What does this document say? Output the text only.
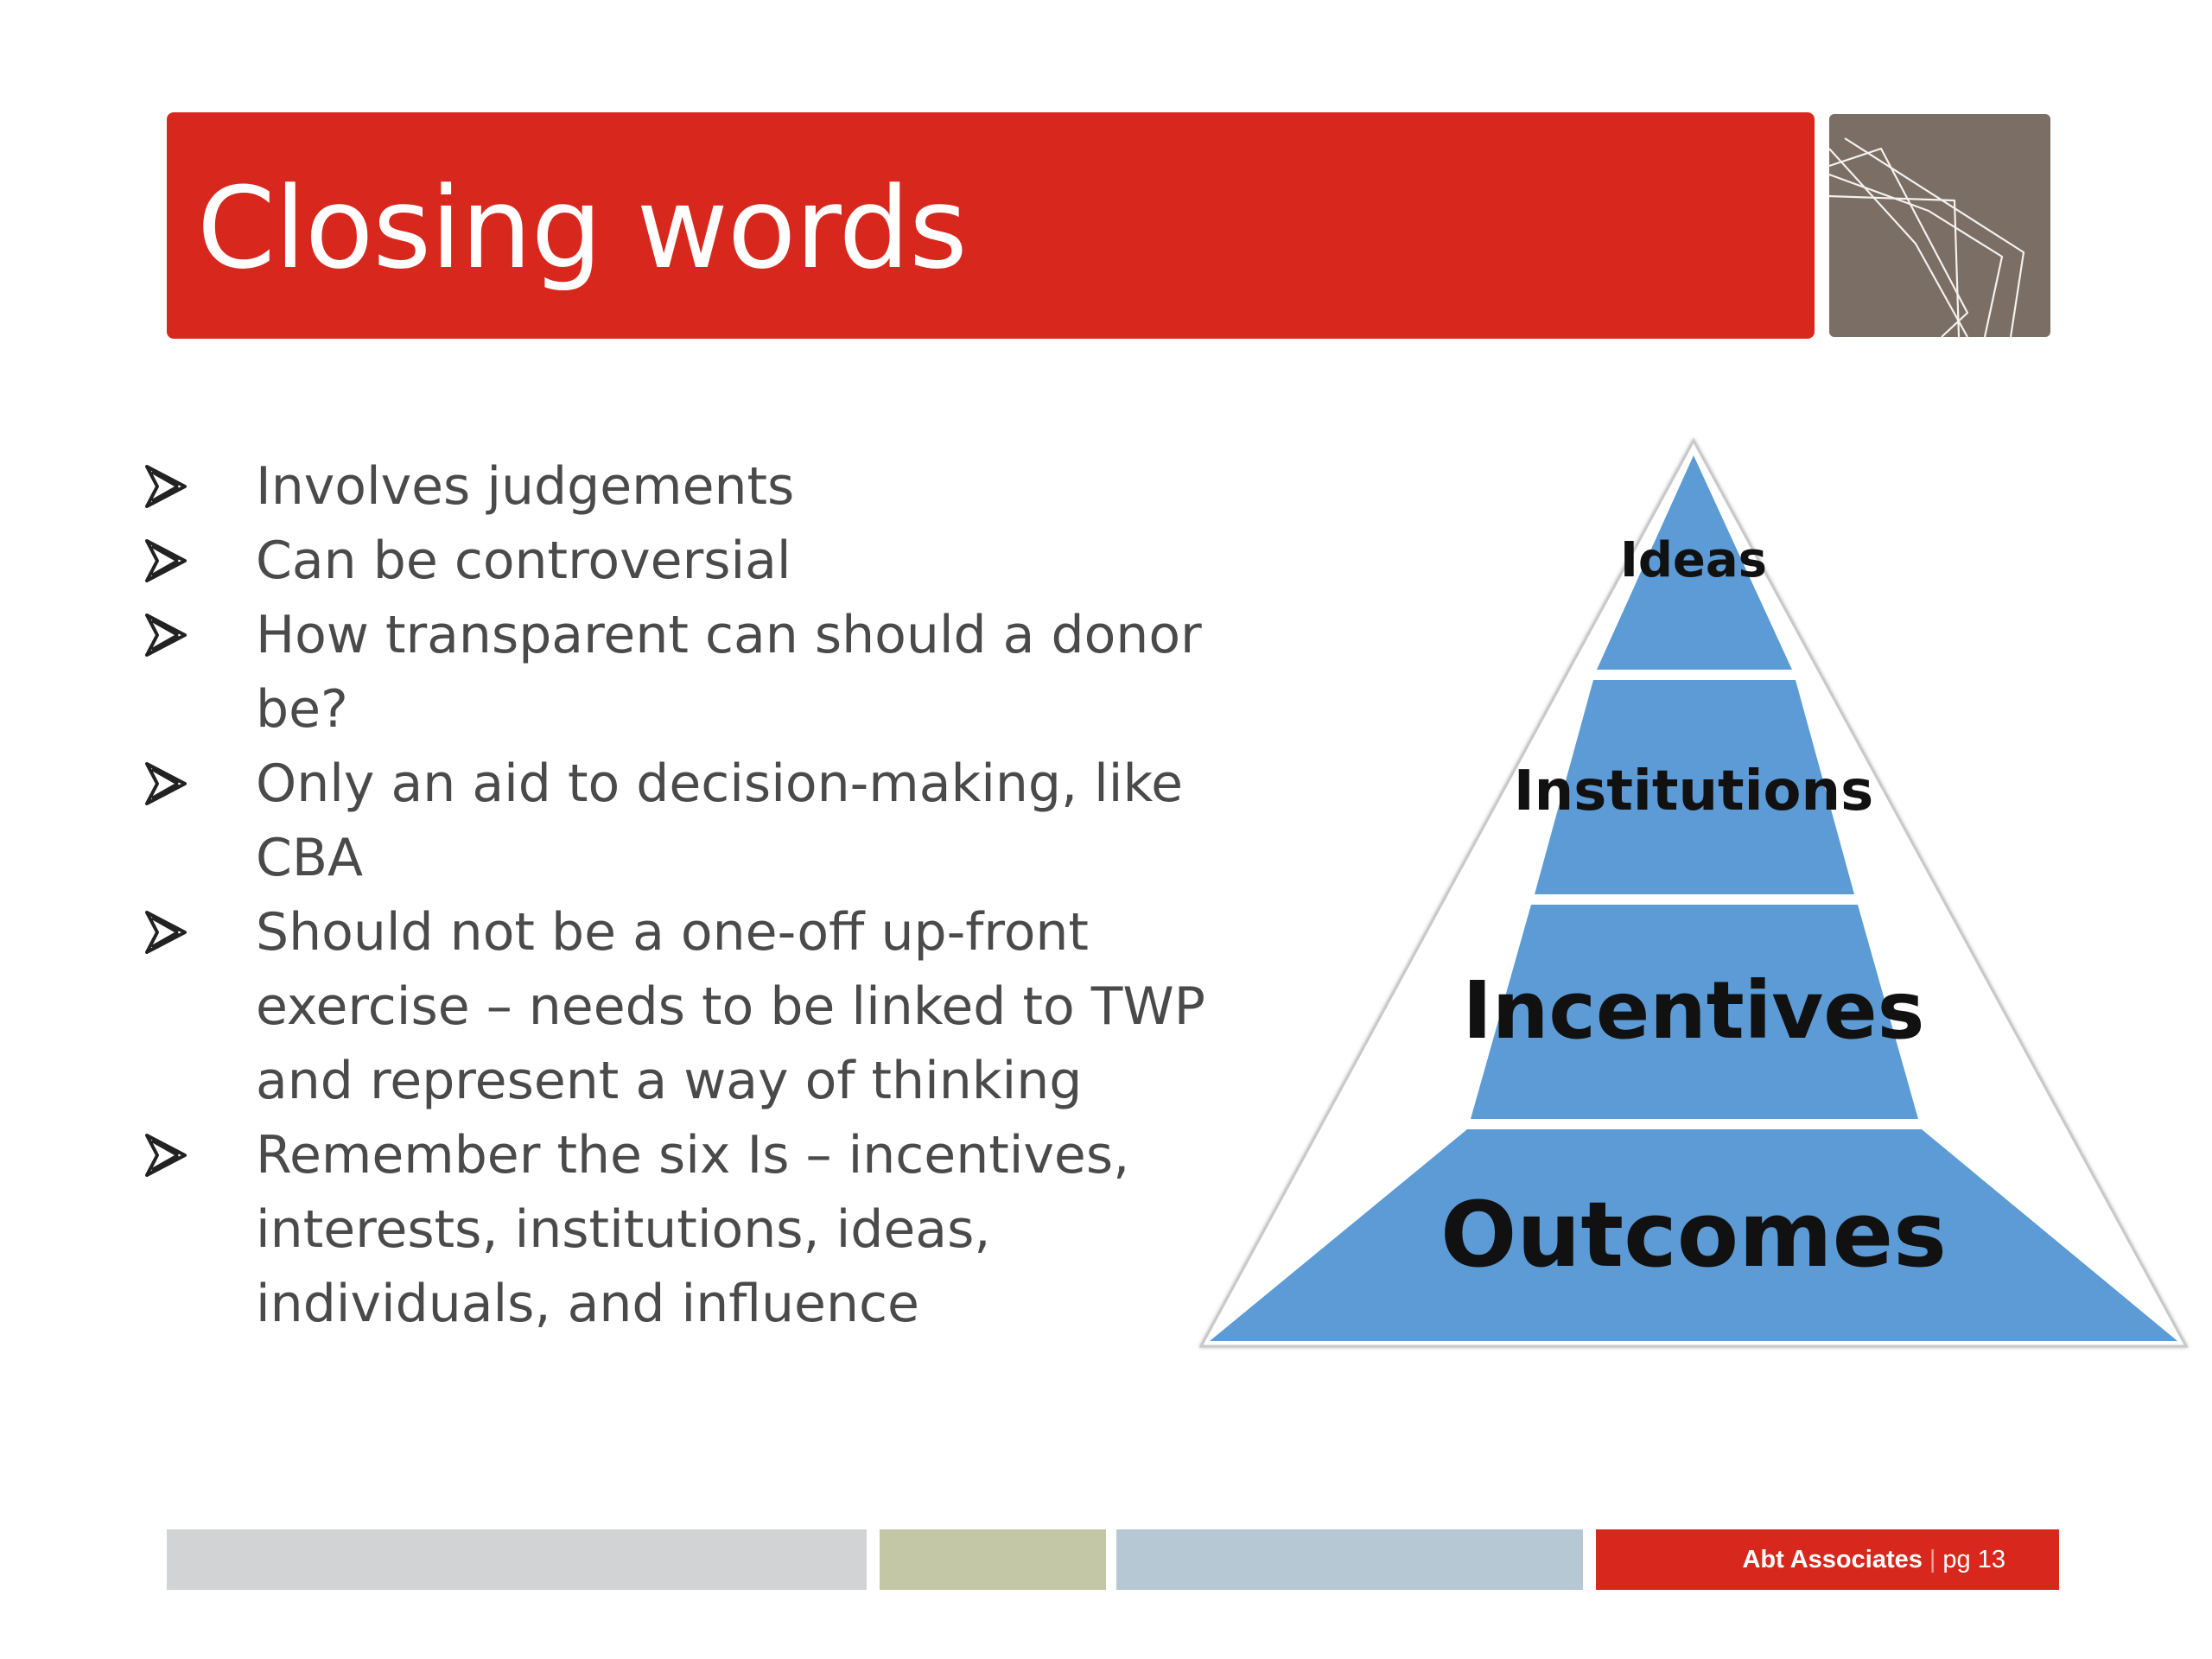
Closing words
Involves judgements
Can be controversial
How transparent can should a donor
be?
Only an aid to decision-making, like
CBA
Should not be a one-off up-front
exercise – needs to be linked to TWP
and represent a way of thinking
Remember the six Is – incentives,
interests, institutions, ideas,
individuals, and influence
Ideas
Institutions
Incentives
Outcomes
Abt Associates | pg 13
